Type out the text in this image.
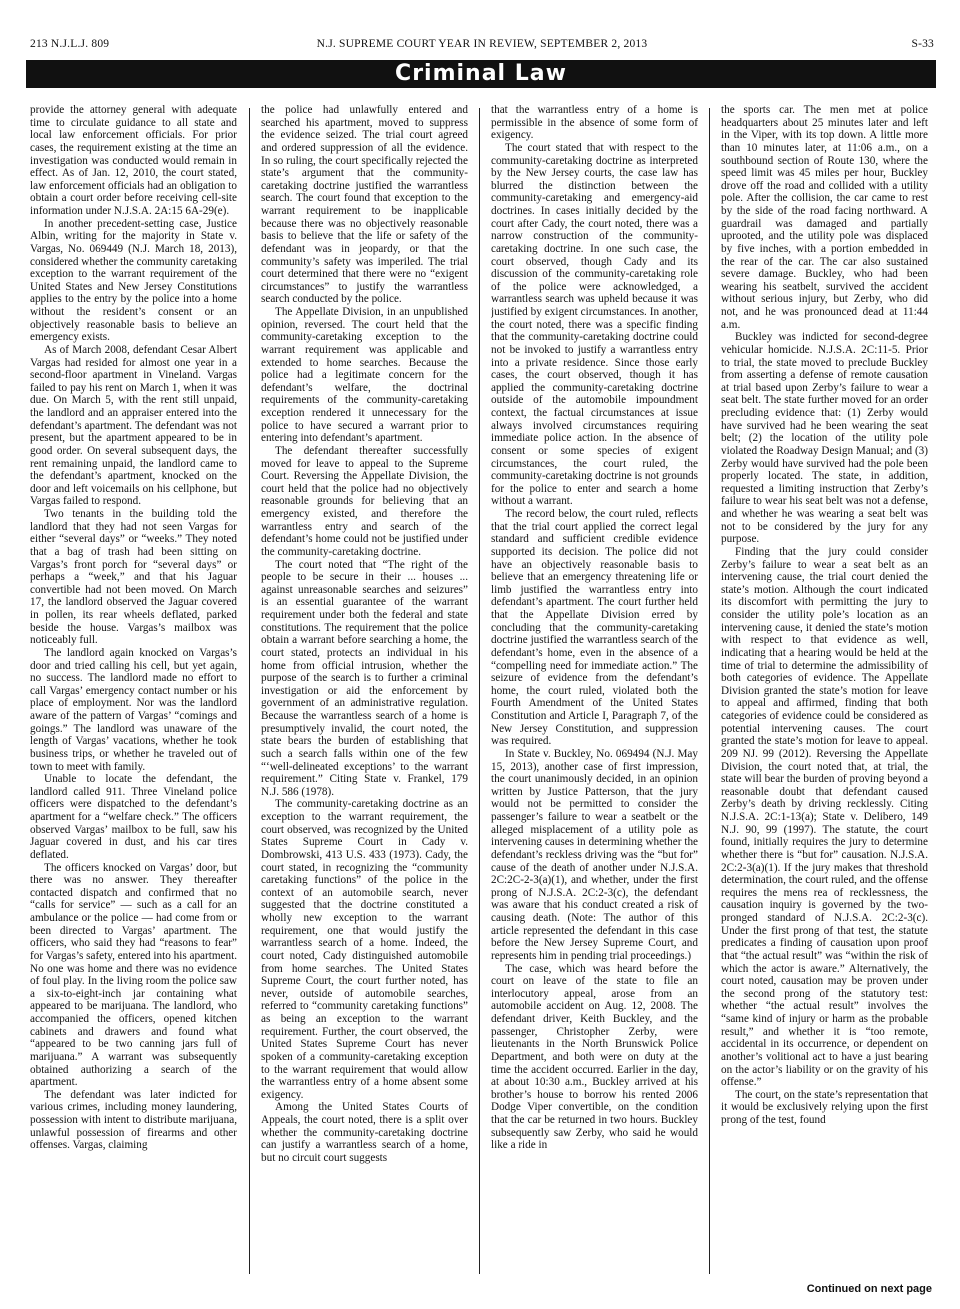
213 N.J.L.J. 809	N.J. SUPREME COURT YEAR IN REVIEW, SEPTEMBER 2, 2013	S-33
Criminal Law

provide the attorney general with adequate time to circulate guidance to all state and local law enforcement officials. For prior cases, the requirement existing at the time an investigation was conducted would remain in effect. As of Jan. 12, 2010, the court stated, law enforcement officials had an obligation to obtain a court order before receiving cell-site information under N.J.S.A. 2A:15 6A-29(e).

In another precedent-setting case, Justice Albin, writing for the majority in State v. Vargas, No. 069449 (N.J. March 18, 2013), considered whether the community caretaking exception to the warrant requirement of the United States and New Jersey Constitutions applies to the entry by the police into a home without the resident’s consent or an objectively reasonable basis to believe an emergency exists.

As of March 2008, defendant Cesar Albert Vargas had resided for almost one year in a second-floor apartment in Vineland. Vargas failed to pay his rent on March 1, when it was due. On March 5, with the rent still unpaid, the landlord and an appraiser entered into the defendant’s apartment. The defendant was not present, but the apartment appeared to be in good order. On several subsequent days, the rent remaining unpaid, the landlord came to the defendant’s apartment, knocked on the door and left voicemails on his cellphone, but Vargas failed to respond.

Two tenants in the building told the landlord that they had not seen Vargas for either “several days” or “weeks.” They noted that a bag of trash had been sitting on Vargas’s front porch for “several days” or perhaps a “week,” and that his Jaguar convertible had not been moved. On March 17, the landlord observed the Jaguar covered in pollen, its rear wheels deflated, parked beside the house. Vargas’s mailbox was noticeably full.

The landlord again knocked on Vargas’s door and tried calling his cell, but yet again, no success. The landlord made no effort to call Vargas’ emergency contact number or his place of employment. Nor was the landlord aware of the pattern of Vargas’ “comings and goings.” The landlord was unaware of the length of Vargas’ vacations, whether he took business trips, or whether he traveled out of town to meet with family.

Unable to locate the defendant, the landlord called 911. Three Vineland police officers were dispatched to the defendant’s apartment for a “welfare check.” The officers observed Vargas’ mailbox to be full, saw his Jaguar covered in dust, and his car tires deflated.

The officers knocked on Vargas’ door, but there was no answer. They thereafter contacted dispatch and confirmed that no “calls for service” — such as a call for an ambulance or the police — had come from or been directed to Vargas’ apartment. The officers, who said they had “reasons to fear” for Vargas’s safety, entered into his apartment. No one was home and there was no evidence of foul play. In the living room the police saw a six-to-eight-inch jar containing what appeared to be marijuana. The landlord, who accompanied the officers, opened kitchen cabinets and drawers and found what “appeared to be two canning jars full of marijuana.” A warrant was subsequently obtained authorizing a search of the apartment.

The defendant was later indicted for various crimes, including money laundering, possession with intent to distribute marijuana, unlawful possession of firearms and other offenses. Vargas, claiming

the police had unlawfully entered and searched his apartment, moved to suppress the evidence seized. The trial court agreed and ordered suppression of all the evidence. In so ruling, the court specifically rejected the state’s argument that the community-caretaking doctrine justified the warrantless search. The court found that exception to the warrant requirement to be inapplicable because there was no objectively reasonable basis to believe that the life or safety of the defendant was in jeopardy, or that the community’s safety was imperiled. The trial court determined that there were no “exigent circumstances” to justify the warrantless search conducted by the police.

The Appellate Division, in an unpublished opinion, reversed. The court held that the community-caretaking exception to the warrant requirement was applicable and extended to home searches. Because the police had a legitimate concern for the defendant’s welfare, the doctrinal requirements of the community-caretaking exception rendered it unnecessary for the police to have secured a warrant prior to entering into defendant’s apartment.

The defendant thereafter successfully moved for leave to appeal to the Supreme Court. Reversing the Appellate Division, the court held that the police had no objectively reasonable grounds for believing that an emergency existed, and therefore the warrantless entry and search of the defendant’s home could not be justified under the community-caretaking doctrine.

The court noted that “The right of the people to be secure in their ... houses ... against unreasonable searches and seizures” is an essential guarantee of the warrant requirement under both the federal and state constitutions. The requirement that the police obtain a warrant before searching a home, the court stated, protects an individual in his home from official intrusion, whether the purpose of the search is to further a criminal investigation or aid the enforcement by government of an administrative regulation. Because the warrantless search of a home is presumptively invalid, the court noted, the state bears the burden of establishing that such a search falls within one of the few “‘well-delineated exceptions’ to the warrant requirement.” Citing State v. Frankel, 179 N.J. 586 (1978).

The community-caretaking doctrine as an exception to the warrant requirement, the court observed, was recognized by the United States Supreme Court in Cady v. Dombrowski, 413 U.S. 433 (1973). Cady, the court stated, in recognizing the “community caretaking functions” of the police in the context of an automobile search, never suggested that the doctrine constituted a wholly new exception to the warrant requirement, one that would justify the warrantless search of a home. Indeed, the court noted, Cady distinguished automobile from home searches. The United States Supreme Court, the court further noted, has never, outside of automobile searches, referred to “community caretaking functions” as being an exception to the warrant requirement. Further, the court observed, the United States Supreme Court has never spoken of a community-caretaking exception to the warrant requirement that would allow the warrantless entry of a home absent some exigency.

Among the United States Courts of Appeals, the court noted, there is a split over whether the community-caretaking doctrine can justify a warrantless search of a home, but no circuit court suggests

that the warrantless entry of a home is permissible in the absence of some form of exigency.

The court stated that with respect to the community-caretaking doctrine as interpreted by the New Jersey courts, the case law has blurred the distinction between the community-caretaking and emergency-aid doctrines. In cases initially decided by the court after Cady, the court noted, there was a narrow construction of the community-caretaking doctrine. In one such case, the court observed, though Cady and its discussion of the community-caretaking role of the police were acknowledged, a warrantless search was upheld because it was justified by exigent circumstances. In another, the court noted, there was a specific finding that the community-caretaking doctrine could not be invoked to justify a warrantless entry into a private residence. Since those early cases, the court observed, though it has applied the community-caretaking doctrine outside of the automobile impoundment context, the factual circumstances at issue always involved circumstances requiring immediate police action. In the absence of consent or some species of exigent circumstances, the court ruled, the community-caretaking doctrine is not grounds for the police to enter and search a home without a warrant.

The record below, the court ruled, reflects that the trial court applied the correct legal standard and sufficient credible evidence supported its decision. The police did not have an objectively reasonable basis to believe that an emergency threatening life or limb justified the warrantless entry into defendant’s apartment. The court further held that the Appellate Division erred by concluding that the community-caretaking doctrine justified the warrantless search of the defendant’s home, even in the absence of a “compelling need for immediate action.” The seizure of evidence from the defendant’s home, the court ruled, violated both the Fourth Amendment of the United States Constitution and Article I, Paragraph 7, of the New Jersey Constitution, and suppression was required.

In State v. Buckley, No. 069494 (N.J. May 15, 2013), another case of first impression, the court unanimously decided, in an opinion written by Justice Patterson, that the jury would not be permitted to consider the passenger’s failure to wear a seatbelt or the alleged misplacement of a utility pole as intervening causes in determining whether the defendant’s reckless driving was the “but for” cause of the death of another under N.J.S.A. 2C:2C-2-3(a)(1), and whether, under the first prong of N.J.S.A. 2C:2-3(c), the defendant was aware that his conduct created a risk of causing death. (Note: The author of this article represented the defendant in this case before the New Jersey Supreme Court, and represents him in pending trial proceedings.)

The case, which was heard before the court on leave of the state to file an interlocutory appeal, arose from an automobile accident on Aug. 12, 2008. The defendant driver, Keith Buckley, and the passenger, Christopher Zerby, were lieutenants in the North Brunswick Police Department, and both were on duty at the time the accident occurred. Earlier in the day, at about 10:30 a.m., Buckley arrived at his brother’s house to borrow his rented 2006 Dodge Viper convertible, on the condition that the car be returned in two hours. Buckley subsequently saw Zerby, who said he would like a ride in

the sports car. The men met at police headquarters about 25 minutes later and left in the Viper, with its top down. A little more than 10 minutes later, at 11:06 a.m., on a southbound section of Route 130, where the speed limit was 45 miles per hour, Buckley drove off the road and collided with a utility pole. After the collision, the car came to rest by the side of the road facing northward. A guardrail was damaged and partially uprooted, and the utility pole was displaced by five inches, with a portion embedded in the rear of the car. The car also sustained severe damage. Buckley, who had been wearing his seatbelt, survived the accident without serious injury, but Zerby, who did not, and he was pronounced dead at 11:44 a.m.

Buckley was indicted for second-degree vehicular homicide. N.J.S.A. 2C:11-5. Prior to trial, the state moved to preclude Buckley from asserting a defense of remote causation at trial based upon Zerby’s failure to wear a seat belt. The state further moved for an order precluding evidence that: (1) Zerby would have survived had he been wearing the seat belt; (2) the location of the utility pole violated the Roadway Design Manual; and (3) Zerby would have survived had the pole been properly located. The state, in addition, requested a limiting instruction that Zerby’s failure to wear his seat belt was not a defense, and whether he was wearing a seat belt was not to be considered by the jury for any purpose.

Finding that the jury could consider Zerby’s failure to wear a seat belt as an intervening cause, the trial court denied the state’s motion. Although the court indicated its discomfort with permitting the jury to consider the utility pole’s location as an intervening cause, it denied the state’s motion with respect to that evidence as well, indicating that a hearing would be held at the time of trial to determine the admissibility of both categories of evidence. The Appellate Division granted the state’s motion for leave to appeal and affirmed, finding that both categories of evidence could be considered as potential intervening causes. The court granted the state’s motion for leave to appeal. 209 NJ. 99 (2012). Reversing the Appellate Division, the court noted that, at trial, the state will bear the burden of proving beyond a reasonable doubt that defendant caused Zerby’s death by driving recklessly. Citing N.J.S.A. 2C:1-13(a); State v. Delibero, 149 N.J. 90, 99 (1997). The statute, the court found, initially requires the jury to determine whether there is “but for” causation. N.J.S.A. 2C:2-3(a)(1). If the jury makes that threshold determination, the court ruled, and the offense requires the mens rea of recklessness, the causation inquiry is governed by the two-pronged standard of N.J.S.A. 2C:2-3(c). Under the first prong of that test, the statute predicates a finding of causation upon proof that “the actual result” was “within the risk of which the actor is aware.” Alternatively, the court noted, causation may be proven under the second prong of the statutory test: whether “the actual result” involves the “same kind of injury or harm as the probable result,” and whether it is “too remote, accidental in its occurrence, or dependent on another’s volitional act to have a just bearing on the actor’s liability or on the gravity of his offense.”

The court, on the state’s representation that it would be exclusively relying upon the first prong of the test, found

Continued on next page
